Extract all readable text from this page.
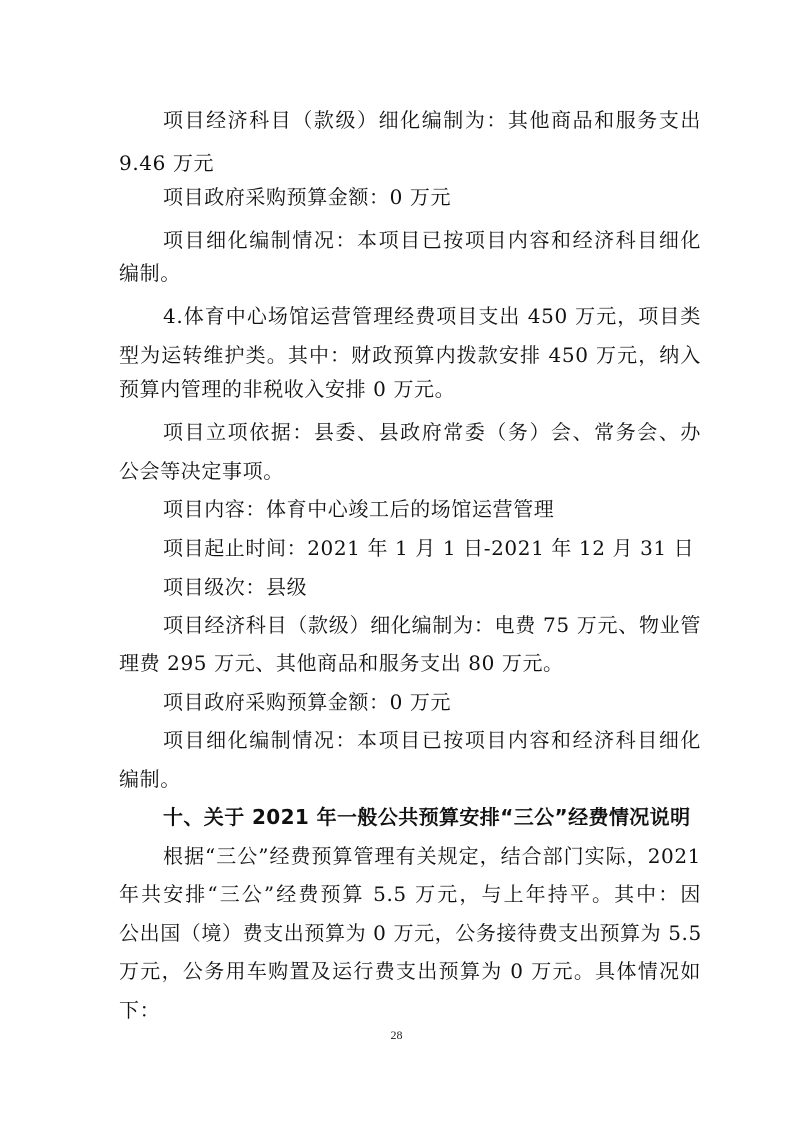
项目经济科目（款级）细化编制为：其他商品和服务支出
9.46 万元
项目政府采购预算金额：0 万元
项目细化编制情况：本项目已按项目内容和经济科目细化
编制。
4.体育中心场馆运营管理经费项目支出 450 万元，项目类
型为运转维护类。其中：财政预算内拨款安排 450 万元，纳入
预算内管理的非税收入安排 0 万元。
项目立项依据：县委、县政府常委（务）会、常务会、办
公会等决定事项。
项目内容：体育中心竣工后的场馆运营管理
项目起止时间：2021 年 1 月 1 日-2021 年 12 月 31 日
项目级次：县级
项目经济科目（款级）细化编制为：电费 75 万元、物业管
理费 295 万元、其他商品和服务支出 80 万元。
项目政府采购预算金额：0 万元
项目细化编制情况：本项目已按项目内容和经济科目细化
编制。
十、关于 2021 年一般公共预算安排“三公”经费情况说明
根据“三公”经费预算管理有关规定，结合部门实际，2021
年共安排“三公”经费预算 5.5 万元，与上年持平。其中：因
公出国（境）费支出预算为 0 万元，公务接待费支出预算为 5.5
万元，公务用车购置及运行费支出预算为 0 万元。具体情况如
下：
28
